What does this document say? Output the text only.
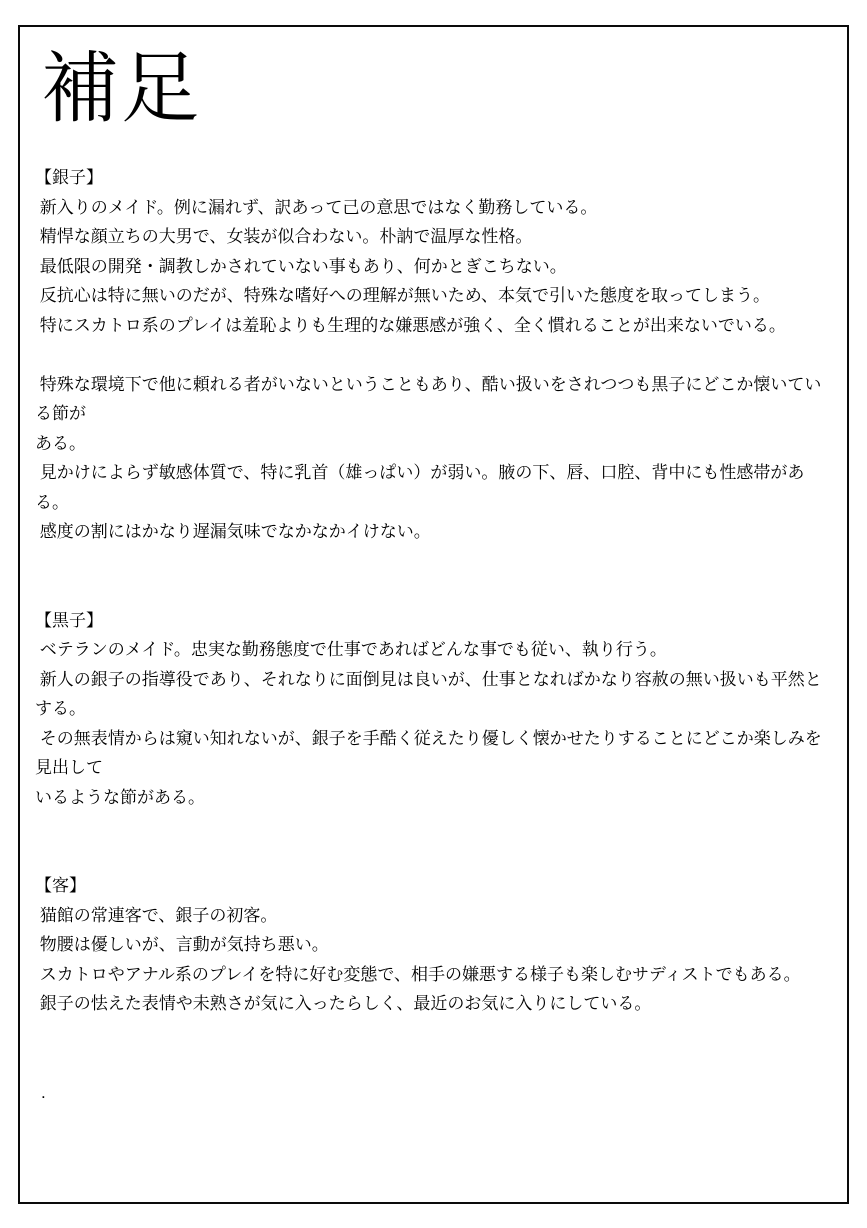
補足
【銀子】
新入りのメイド。例に漏れず、訳あって己の意思ではなく勤務している。
精悍な顔立ちの大男で、女装が似合わない。朴訥で温厚な性格。
最低限の開発・調教しかされていない事もあり、何かとぎこちない。
反抗心は特に無いのだが、特殊な嗜好への理解が無いため、本気で引いた態度を取ってしまう。
特にスカトロ系のプレイは羞恥よりも生理的な嫌悪感が強く、全く慣れることが出来ないでいる。
特殊な環境下で他に頼れる者がいないということもあり、酷い扱いをされつつも黒子にどこか懐いている節が
ある。
見かけによらず敏感体質で、特に乳首（雄っぱい）が弱い。腋の下、唇、口腔、背中にも性感帯がある。
感度の割にはかなり遅漏気味でなかなかイけない。
【黒子】
ベテランのメイド。忠実な勤務態度で仕事であればどんな事でも従い、執り行う。
新人の銀子の指導役であり、それなりに面倒見は良いが、仕事となればかなり容赦の無い扱いも平然とする。
その無表情からは窺い知れないが、銀子を手酷く従えたり優しく懐かせたりすることにどこか楽しみを見出して
いるような節がある。
【客】
猫館の常連客で、銀子の初客。
物腰は優しいが、言動が気持ち悪い。
スカトロやアナル系のプレイを特に好む変態で、相手の嫌悪する様子も楽しむサディストでもある。
銀子の怯えた表情や未熟さが気に入ったらしく、最近のお気に入りにしている。
.
